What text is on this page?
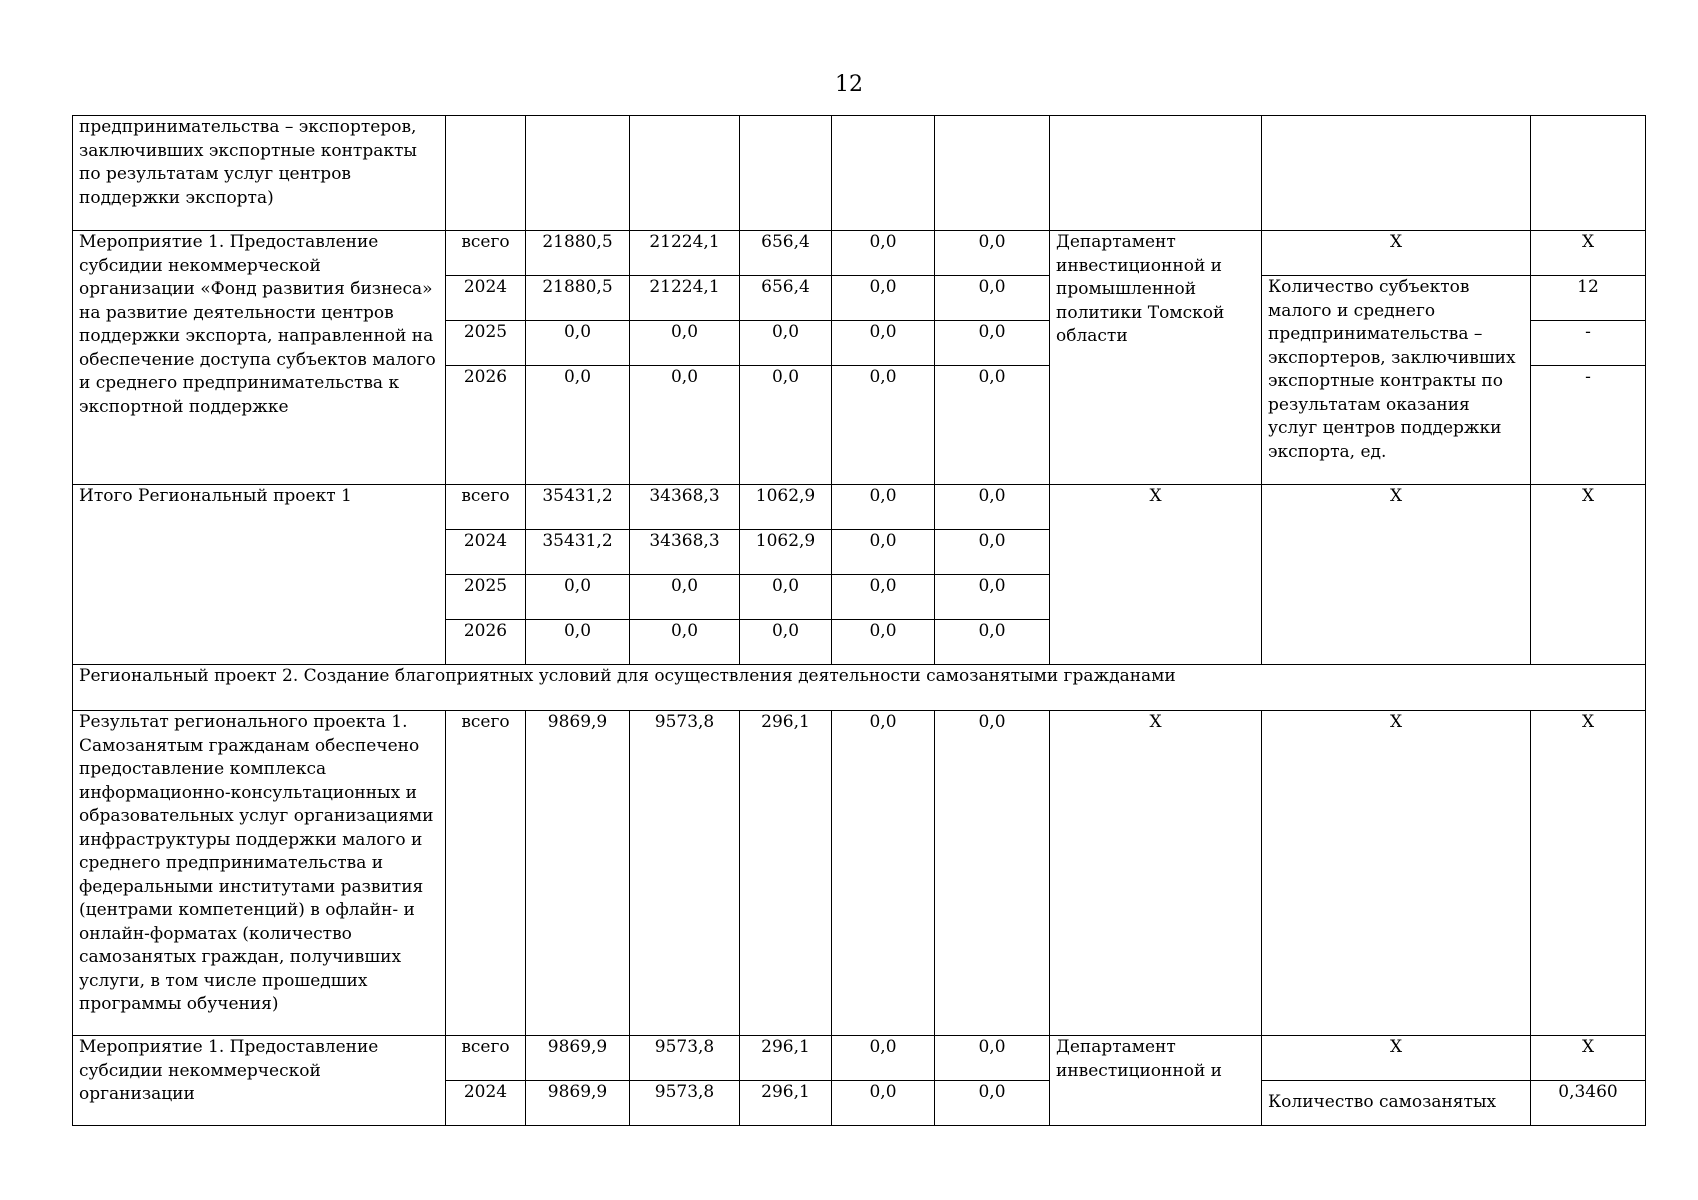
12
предпринимательства – экспортеров, заключивших экспортные контракты по результатам услуг центров поддержки экспорта)									
Мероприятие 1. Предоставление субсидии некоммерческой организации «Фонд развития бизнеса» на развитие деятельности центров поддержки экспорта, направленной на обеспечение доступа субъектов малого и среднего предпринимательства к экспортной поддержке	всего	21880,5	21224,1	656,4	0,0	0,0	Департамент инвестиционной и промышленной политики Томской области	Х	Х
	2024	21880,5	21224,1	656,4	0,0	0,0		Количество субъектов малого и среднего предпринимательства – экспортеров, заключивших экспортные контракты по результатам оказания услуг центров поддержки экспорта, ед.	12
	2025	0,0	0,0	0,0	0,0	0,0			-
	2026	0,0	0,0	0,0	0,0	0,0			-
Итого Региональный проект 1	всего	35431,2	34368,3	1062,9	0,0	0,0	Х	Х	Х
	2024	35431,2	34368,3	1062,9	0,0	0,0			
	2025	0,0	0,0	0,0	0,0	0,0			
	2026	0,0	0,0	0,0	0,0	0,0			
Региональный проект 2. Создание благоприятных условий для осуществления деятельности самозанятыми гражданами									
Результат регионального проекта 1. Самозанятым гражданам обеспечено предоставление комплекса информационно-консультационных и образовательных услуг организациями инфраструктуры поддержки малого и среднего предпринимательства и федеральными институтами развития (центрами компетенций) в офлайн- и онлайн-форматах (количество самозанятых граждан, получивших услуги, в том числе прошедших программы обучения)	всего	9869,9	9573,8	296,1	0,0	0,0	Х	Х	Х
Мероприятие 1. Предоставление субсидии некоммерческой организации	всего	9869,9	9573,8	296,1	0,0	0,0	Департамент инвестиционной и	Х	Х
	2024	9869,9	9573,8	296,1	0,0	0,0		Количество самозанятых	0,3460
